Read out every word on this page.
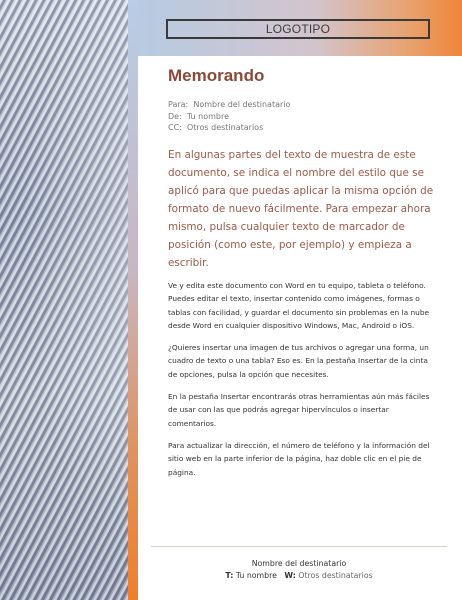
LOGOTIPO
Memorando
Para: Nombre del destinatario
De: Tu nombre
CC: Otros destinatarios

En algunas partes del texto de muestra de este documento, se indica el nombre del estilo que se aplicó para que puedas aplicar la misma opción de formato de nuevo fácilmente. Para empezar ahora mismo, pulsa cualquier texto de marcador de posición (como este, por ejemplo) y empieza a escribir.

Ve y edita este documento con Word en tu equipo, tableta o teléfono. Puedes editar el texto, insertar contenido como imágenes, formas o tablas con facilidad, y guardar el documento sin problemas en la nube desde Word en cualquier dispositivo Windows, Mac, Android o iOS.

¿Quieres insertar una imagen de tus archivos o agregar una forma, un cuadro de texto o una tabla? Eso es. En la pestaña Insertar de la cinta de opciones, pulsa la opción que necesites.

En la pestaña Insertar encontrarás otras herramientas aún más fáciles de usar con las que podrás agregar hipervínculos o insertar comentarios.

Para actualizar la dirección, el número de teléfono y la información del sitio web en la parte inferior de la página, haz doble clic en el pie de página.

Nombre del destinatario
T: Tu nombre W: Otros destinatarios
